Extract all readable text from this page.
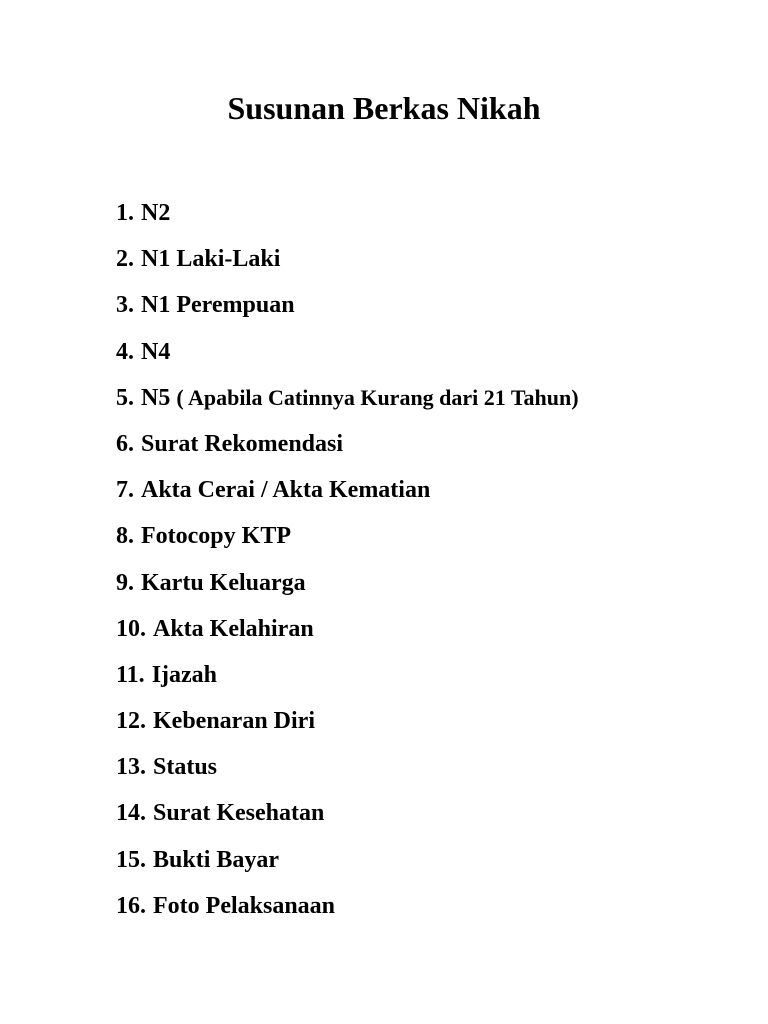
Susunan Berkas Nikah
1. N2
2. N1 Laki-Laki
3. N1 Perempuan
4. N4
5. N5 ( Apabila Catinnya Kurang dari 21 Tahun)
6. Surat Rekomendasi
7. Akta Cerai / Akta Kematian
8. Fotocopy KTP
9. Kartu Keluarga
10. Akta Kelahiran
11. Ijazah
12. Kebenaran Diri
13. Status
14. Surat Kesehatan
15. Bukti Bayar
16. Foto Pelaksanaan
